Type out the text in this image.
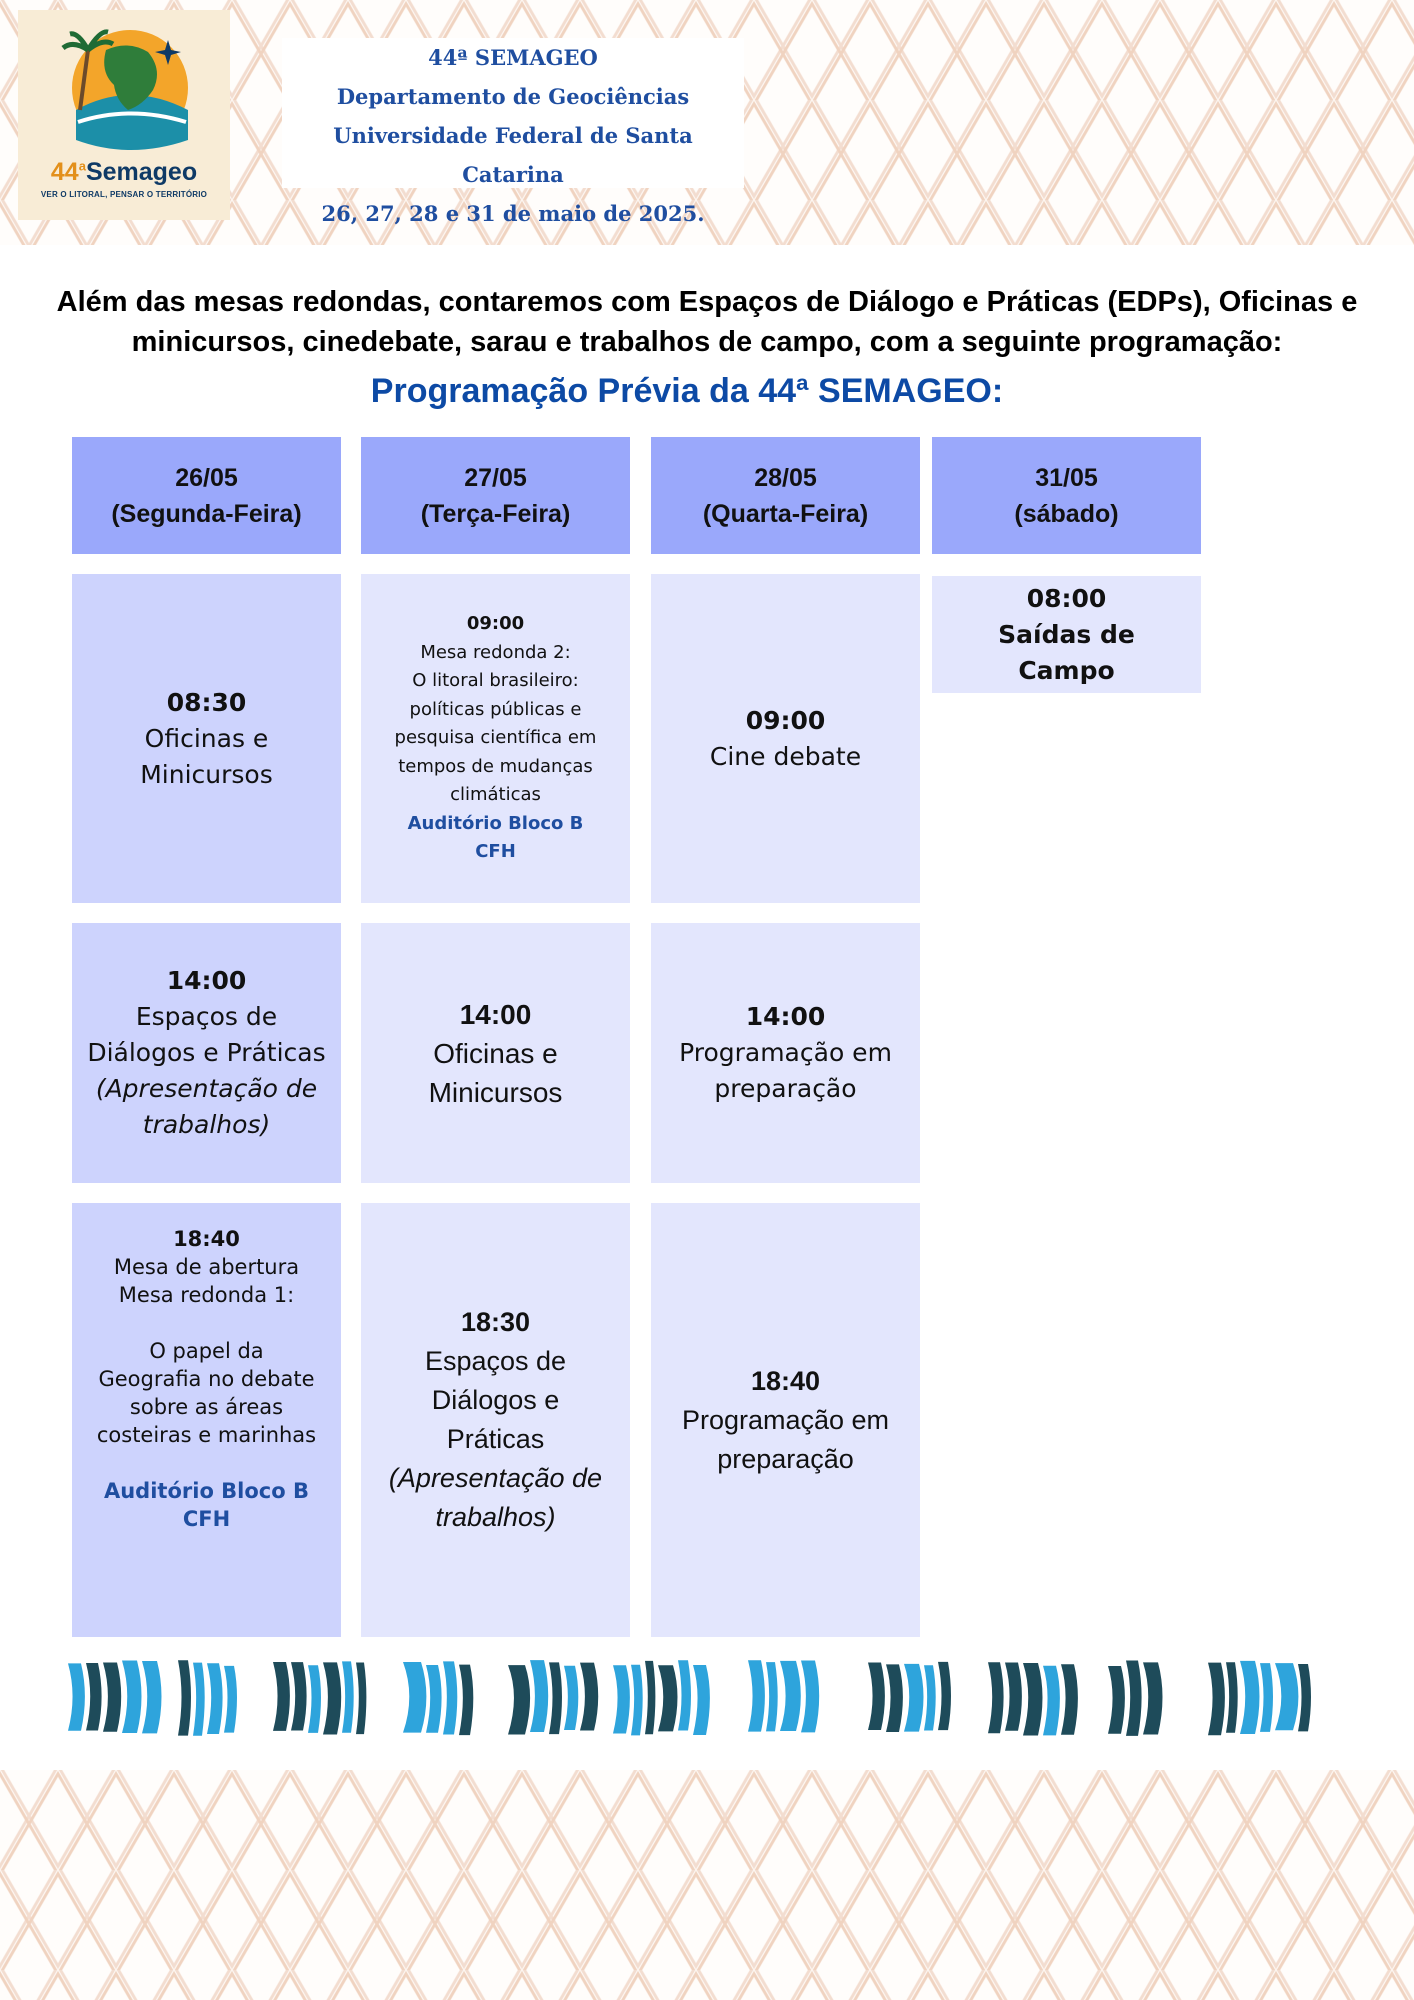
44$^a$Semageo
VER O LITORAL, PENSAR O TERRITÓRIO
44ª SEMAGEO
Departamento de Geociências
Universidade Federal de Santa Catarina
26, 27, 28 e 31 de maio de 2025.
Além das mesas redondas, contaremos com Espaços de Diálogo e Práticas (EDPs), Oficinas e
minicursos, cinedebate, sarau e trabalhos de campo, com a seguinte programação:
Programação Prévia da 44ª SEMAGEO:
26/05
(Segunda-Feira)
27/05
(Terça-Feira)
28/05
(Quarta-Feira)
31/05
(sábado)
08:30
Oficinas e
Minicursos
09:00
Mesa redonda 2:
O litoral brasileiro:
políticas públicas e
pesquisa científica em
tempos de mudanças
climáticas
Auditório Bloco B
CFH
09:00
Cine debate
08:00
Saídas de Campo
14:00
Espaços de
Diálogos e Práticas
(Apresentação de
trabalhos)
14:00
Oficinas e
Minicursos
14:00
Programação em
preparação
18:40
Mesa de abertura
Mesa redonda 1:
O papel da
Geografia no debate
sobre as áreas
costeiras e marinhas
Auditório Bloco B
CFH
18:30
Espaços de
Diálogos e
Práticas
(Apresentação de
trabalhos)
18:40
Programação em
preparação
